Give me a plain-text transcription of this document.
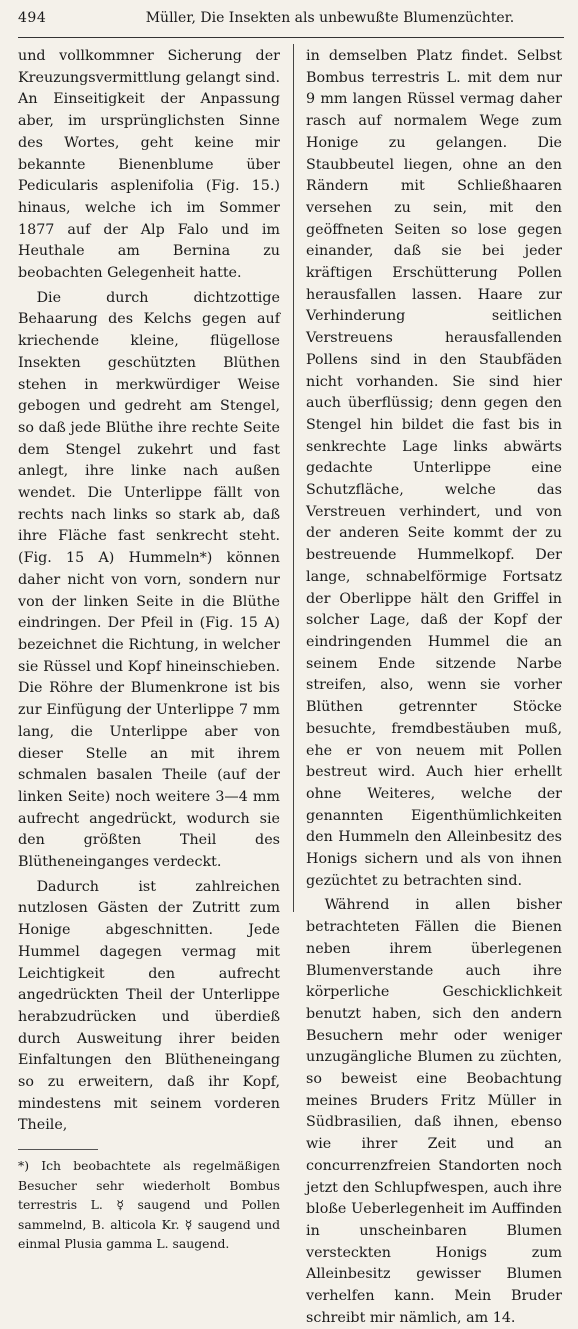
494	Müller, Die Insekten als unbewußte Blumenzüchter.

und vollkommner Sicherung der Kreuzungsvermittlung gelangt sind. An Einseitigkeit der Anpassung aber, im ursprünglichsten Sinne des Wortes, geht keine mir bekannte Bienenblume über Pedicularis asplenifolia (Fig. 15.) hinaus, welche ich im Sommer 1877 auf der Alp Falo und im Heuthale am Bernina zu beobachten Gelegenheit hatte.

Die durch dichtzottige Behaarung des Kelchs gegen auf kriechende kleine, flügellose Insekten geschützten Blüthen stehen in merkwürdiger Weise gebogen und gedreht am Stengel, so daß jede Blüthe ihre rechte Seite dem Stengel zukehrt und fast anlegt, ihre linke nach außen wendet. Die Unterlippe fällt von rechts nach links so stark ab, daß ihre Fläche fast senkrecht steht. (Fig. 15 A) Hummeln*) können daher nicht von vorn, sondern nur von der linken Seite in die Blüthe eindringen. Der Pfeil in (Fig. 15 A) bezeichnet die Richtung, in welcher sie Rüssel und Kopf hineinschieben. Die Röhre der Blumenkrone ist bis zur Einfügung der Unterlippe 7 mm lang, die Unterlippe aber von dieser Stelle an mit ihrem schmalen basalen Theile (auf der linken Seite) noch weitere 3—4 mm aufrecht angedrückt, wodurch sie den größten Theil des Blütheneinganges verdeckt.

Dadurch ist zahlreichen nutzlosen Gästen der Zutritt zum Honige abgeschnitten. Jede Hummel dagegen vermag mit Leichtigkeit den aufrecht angedrückten Theil der Unterlippe herabzudrücken und überdieß durch Ausweitung ihrer beiden Einfaltungen den Blütheneingang so zu erweitern, daß ihr Kopf, mindestens mit seinem vorderen Theile,

*) Ich beobachtete als regelmäßigen Besucher sehr wiederholt Bombus terrestris L. ☿ saugend und Pollen sammelnd, B. alticola Kr. ☿ saugend und einmal Plusia gamma L. saugend.

in demselben Platz findet. Selbst Bombus terrestris L. mit dem nur 9 mm langen Rüssel vermag daher rasch auf normalem Wege zum Honige zu gelangen. Die Staubbeutel liegen, ohne an den Rändern mit Schließhaaren versehen zu sein, mit den geöffneten Seiten so lose gegen einander, daß sie bei jeder kräftigen Erschütterung Pollen herausfallen lassen. Haare zur Verhinderung seitlichen Verstreuens herausfallenden Pollens sind in den Staubfäden nicht vorhanden. Sie sind hier auch überflüssig; denn gegen den Stengel hin bildet die fast bis in senkrechte Lage links abwärts gedachte Unterlippe eine Schutzfläche, welche das Verstreuen verhindert, und von der anderen Seite kommt der zu bestreuende Hummelkopf. Der lange, schnabelförmige Fortsatz der Oberlippe hält den Griffel in solcher Lage, daß der Kopf der eindringenden Hummel die an seinem Ende sitzende Narbe streifen, also, wenn sie vorher Blüthen getrennter Stöcke besuchte, fremdbestäuben muß, ehe er von neuem mit Pollen bestreut wird. Auch hier erhellt ohne Weiteres, welche der genannten Eigenthümlichkeiten den Hummeln den Alleinbesitz des Honigs sichern und als von ihnen gezüchtet zu betrachten sind.

Während in allen bisher betrachteten Fällen die Bienen neben ihrem überlegenen Blumenverstande auch ihre körperliche Geschicklichkeit benutzt haben, sich den andern Besuchern mehr oder weniger unzugängliche Blumen zu züchten, so beweist eine Beobachtung meines Bruders Fritz Müller in Südbrasilien, daß ihnen, ebenso wie ihrer Zeit und an concurrenzfreien Standorten noch jetzt den Schlupfwespen, auch ihre bloße Ueberlegenheit im Auffinden in unscheinbaren Blumen versteckten Honigs zum Alleinbesitz gewisser Blumen verhelfen kann. Mein Bruder schreibt mir nämlich, am 14.
